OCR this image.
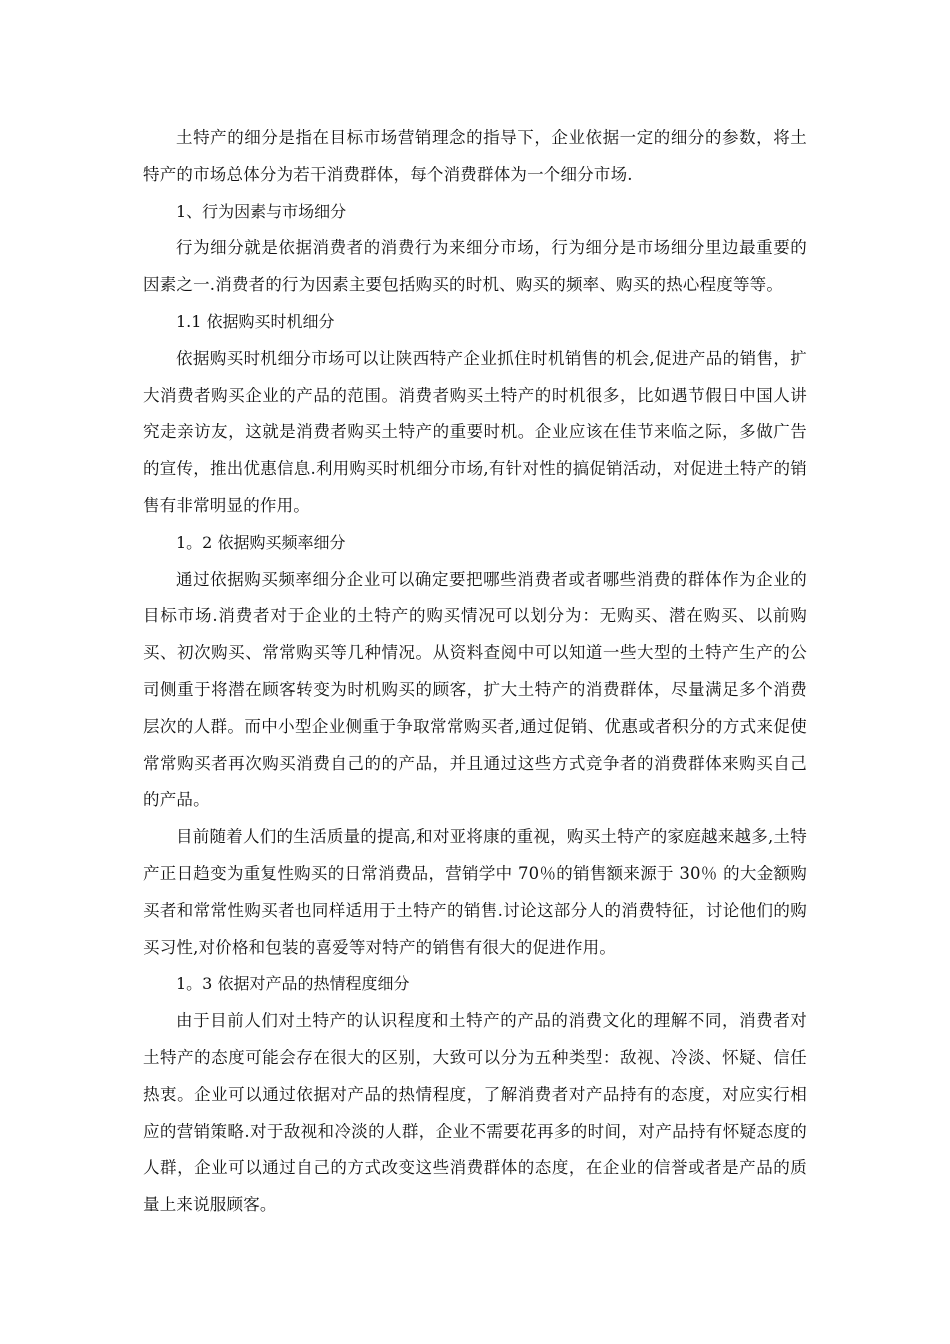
土特产的细分是指在目标市场营销理念的指导下，企业依据一定的细分的参数，将土特产的市场总体分为若干消费群体，每个消费群体为一个细分市场.

1、行为因素与市场细分

行为细分就是依据消费者的消费行为来细分市场，行为细分是市场细分里边最重要的因素之一.消费者的行为因素主要包括购买的时机、购买的频率、购买的热心程度等等。

1.1 依据购买时机细分

依据购买时机细分市场可以让陕西特产企业抓住时机销售的机会,促进产品的销售，扩大消费者购买企业的产品的范围。消费者购买土特产的时机很多，比如遇节假日中国人讲究走亲访友，这就是消费者购买土特产的重要时机。企业应该在佳节来临之际，多做广告的宣传，推出优惠信息.利用购买时机细分市场,有针对性的搞促销活动，对促进土特产的销售有非常明显的作用。

1。2 依据购买频率细分

通过依据购买频率细分企业可以确定要把哪些消费者或者哪些消费的群体作为企业的目标市场.消费者对于企业的土特产的购买情况可以划分为：无购买、潜在购买、以前购买、初次购买、常常购买等几种情况。从资料查阅中可以知道一些大型的土特产生产的公司侧重于将潜在顾客转变为时机购买的顾客，扩大土特产的消费群体，尽量满足多个消费层次的人群。而中小型企业侧重于争取常常购买者,通过促销、优惠或者积分的方式来促使常常购买者再次购买消费自己的的产品，并且通过这些方式竞争者的消费群体来购买自己的产品。

目前随着人们的生活质量的提高,和对亚将康的重视，购买土特产的家庭越来越多,土特产正日趋变为重复性购买的日常消费品，营销学中 70％的销售额来源于 30％ 的大金额购买者和常常性购买者也同样适用于土特产的销售.讨论这部分人的消费特征，讨论他们的购买习性,对价格和包装的喜爱等对特产的销售有很大的促进作用。

1。3 依据对产品的热情程度细分

由于目前人们对土特产的认识程度和土特产的产品的消费文化的理解不同，消费者对土特产的态度可能会存在很大的区别，大致可以分为五种类型：敌视、冷淡、怀疑、信任热衷。企业可以通过依据对产品的热情程度，了解消费者对产品持有的态度，对应实行相应的营销策略.对于敌视和冷淡的人群，企业不需要花再多的时间，对产品持有怀疑态度的人群，企业可以通过自己的方式改变这些消费群体的态度，在企业的信誉或者是产品的质量上来说服顾客。
